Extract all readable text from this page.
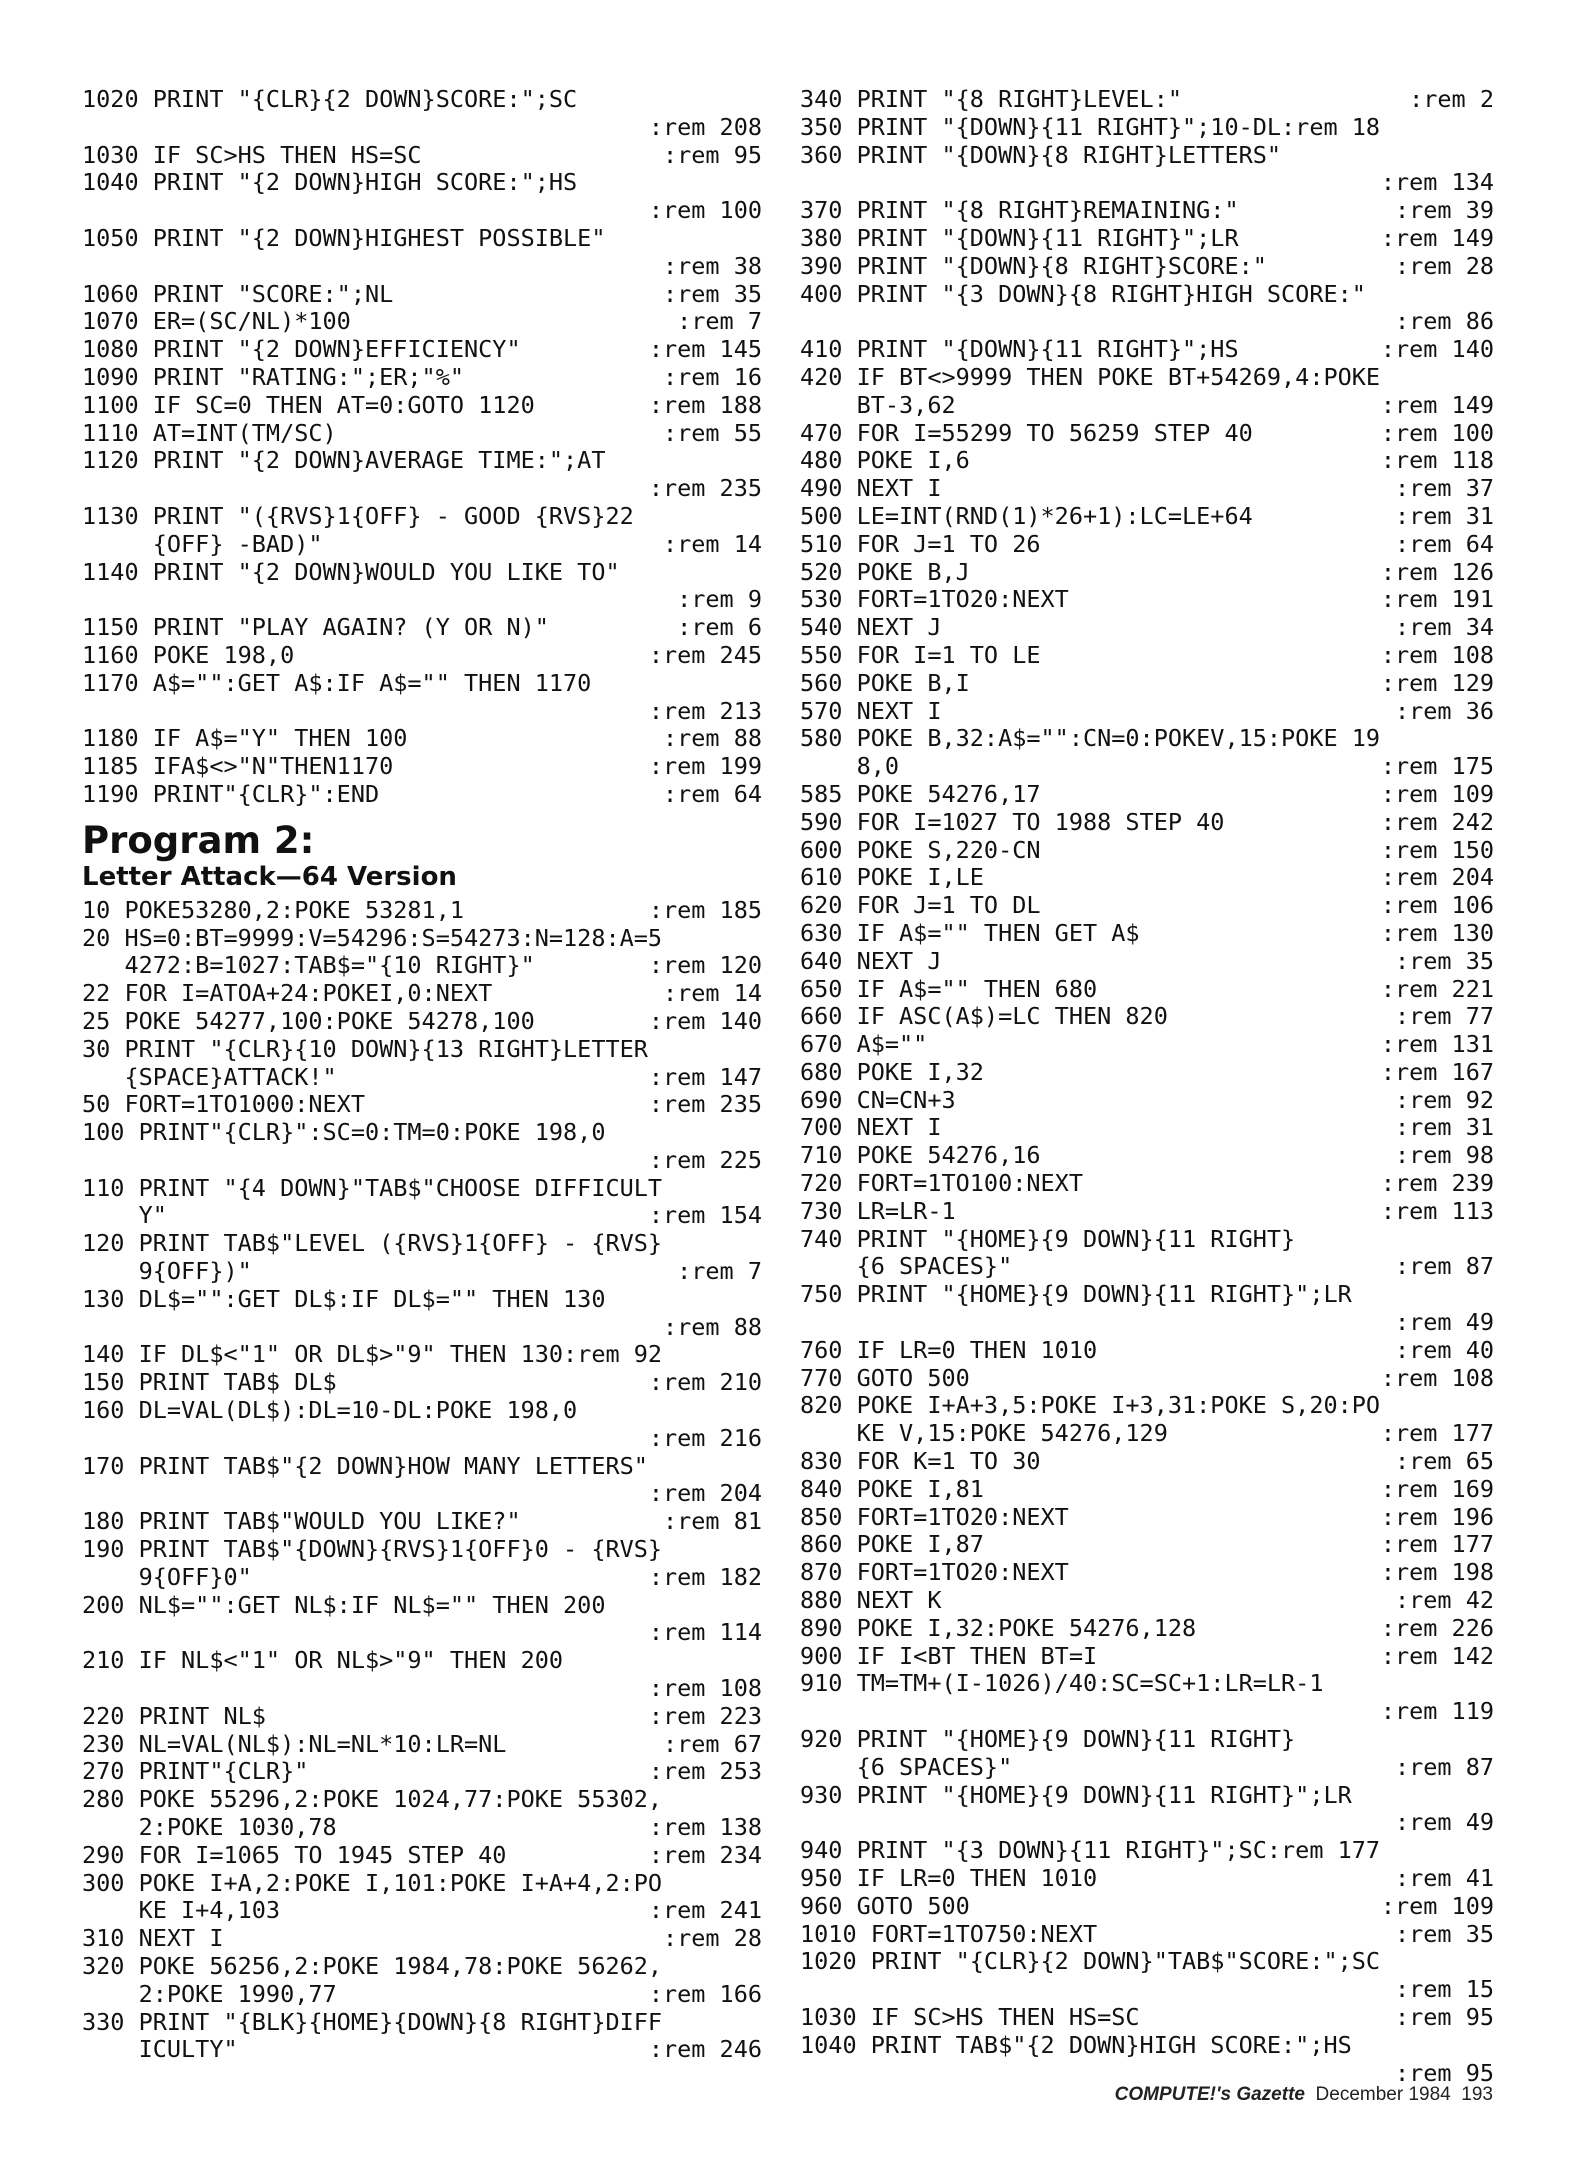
1020 PRINT "{CLR}{2 DOWN}SCORE:";SC
:rem 208
1030 IF SC>HS THEN HS=SC	:rem 95
1040 PRINT "{2 DOWN}HIGH SCORE:";HS
:rem 100
1050 PRINT "{2 DOWN}HIGHEST POSSIBLE"
:rem 38
1060 PRINT "SCORE:";NL	:rem 35
1070 ER=(SC/NL)*100	:rem 7
1080 PRINT "{2 DOWN}EFFICIENCY"	:rem 145
1090 PRINT "RATING:";ER;"%"	:rem 16
1100 IF SC=0 THEN AT=0:GOTO 1120	:rem 188
1110 AT=INT(TM/SC)	:rem 55
1120 PRINT "{2 DOWN}AVERAGE TIME:";AT
:rem 235
1130 PRINT "({RVS}1{OFF} - GOOD {RVS}22
{OFF} -BAD)"	:rem 14
1140 PRINT "{2 DOWN}WOULD YOU LIKE TO"
:rem 9
1150 PRINT "PLAY AGAIN? (Y OR N)"	:rem 6
1160 POKE 198,0	:rem 245
1170 A$="":GET A$:IF A$="" THEN 1170
:rem 213
1180 IF A$="Y" THEN 100	:rem 88
1185 IFA$<>"N"THEN1170	:rem 199
1190 PRINT"{CLR}":END	:rem 64
Program 2:
Letter Attack—64 Version
10 POKE53280,2:POKE 53281,1	:rem 185
20 HS=0:BT=9999:V=54296:S=54273:N=128:A=5
4272:B=1027:TAB$="{10 RIGHT}"	:rem 120
22 FOR I=ATOA+24:POKEI,0:NEXT	:rem 14
25 POKE 54277,100:POKE 54278,100	:rem 140
30 PRINT "{CLR}{10 DOWN}{13 RIGHT}LETTER
{SPACE}ATTACK!"	:rem 147
50 FORT=1TO1000:NEXT	:rem 235
100 PRINT"{CLR}":SC=0:TM=0:POKE 198,0
:rem 225
110 PRINT "{4 DOWN}"TAB$"CHOOSE DIFFICULT
Y"	:rem 154
120 PRINT TAB$"LEVEL ({RVS}1{OFF} - {RVS}
9{OFF})"	:rem 7
130 DL$="":GET DL$:IF DL$="" THEN 130
:rem 88
140 IF DL$<"1" OR DL$>"9" THEN 130:rem 92
150 PRINT TAB$ DL$	:rem 210
160 DL=VAL(DL$):DL=10-DL:POKE 198,0
:rem 216
170 PRINT TAB$"{2 DOWN}HOW MANY LETTERS"
:rem 204
180 PRINT TAB$"WOULD YOU LIKE?"	:rem 81
190 PRINT TAB$"{DOWN}{RVS}1{OFF}0 - {RVS}
9{OFF}0"	:rem 182
200 NL$="":GET NL$:IF NL$="" THEN 200
:rem 114
210 IF NL$<"1" OR NL$>"9" THEN 200
:rem 108
220 PRINT NL$	:rem 223
230 NL=VAL(NL$):NL=NL*10:LR=NL	:rem 67
270 PRINT"{CLR}"	:rem 253
280 POKE 55296,2:POKE 1024,77:POKE 55302,
2:POKE 1030,78	:rem 138
290 FOR I=1065 TO 1945 STEP 40	:rem 234
300 POKE I+A,2:POKE I,101:POKE I+A+4,2:PO
KE I+4,103	:rem 241
310 NEXT I	:rem 28
320 POKE 56256,2:POKE 1984,78:POKE 56262,
2:POKE 1990,77	:rem 166
330 PRINT "{BLK}{HOME}{DOWN}{8 RIGHT}DIFF
ICULTY"	:rem 246
340 PRINT "{8 RIGHT}LEVEL:"	:rem 2
350 PRINT "{DOWN}{11 RIGHT}";10-DL:rem 18
360 PRINT "{DOWN}{8 RIGHT}LETTERS"
:rem 134
370 PRINT "{8 RIGHT}REMAINING:"	:rem 39
380 PRINT "{DOWN}{11 RIGHT}";LR	:rem 149
390 PRINT "{DOWN}{8 RIGHT}SCORE:"	:rem 28
400 PRINT "{3 DOWN}{8 RIGHT}HIGH SCORE:"
:rem 86
410 PRINT "{DOWN}{11 RIGHT}";HS	:rem 140
420 IF BT<>9999 THEN POKE BT+54269,4:POKE
BT-3,62	:rem 149
470 FOR I=55299 TO 56259 STEP 40	:rem 100
480 POKE I,6	:rem 118
490 NEXT I	:rem 37
500 LE=INT(RND(1)*26+1):LC=LE+64	:rem 31
510 FOR J=1 TO 26	:rem 64
520 POKE B,J	:rem 126
530 FORT=1TO20:NEXT	:rem 191
540 NEXT J	:rem 34
550 FOR I=1 TO LE	:rem 108
560 POKE B,I	:rem 129
570 NEXT I	:rem 36
580 POKE B,32:A$="":CN=0:POKEV,15:POKE 19
8,0	:rem 175
585 POKE 54276,17	:rem 109
590 FOR I=1027 TO 1988 STEP 40	:rem 242
600 POKE S,220-CN	:rem 150
610 POKE I,LE	:rem 204
620 FOR J=1 TO DL	:rem 106
630 IF A$="" THEN GET A$	:rem 130
640 NEXT J	:rem 35
650 IF A$="" THEN 680	:rem 221
660 IF ASC(A$)=LC THEN 820	:rem 77
670 A$=""	:rem 131
680 POKE I,32	:rem 167
690 CN=CN+3	:rem 92
700 NEXT I	:rem 31
710 POKE 54276,16	:rem 98
720 FORT=1TO100:NEXT	:rem 239
730 LR=LR-1	:rem 113
740 PRINT "{HOME}{9 DOWN}{11 RIGHT}
{6 SPACES}"	:rem 87
750 PRINT "{HOME}{9 DOWN}{11 RIGHT}";LR
:rem 49
760 IF LR=0 THEN 1010	:rem 40
770 GOTO 500	:rem 108
820 POKE I+A+3,5:POKE I+3,31:POKE S,20:PO
KE V,15:POKE 54276,129	:rem 177
830 FOR K=1 TO 30	:rem 65
840 POKE I,81	:rem 169
850 FORT=1TO20:NEXT	:rem 196
860 POKE I,87	:rem 177
870 FORT=1TO20:NEXT	:rem 198
880 NEXT K	:rem 42
890 POKE I,32:POKE 54276,128	:rem 226
900 IF I<BT THEN BT=I	:rem 142
910 TM=TM+(I-1026)/40:SC=SC+1:LR=LR-1
:rem 119
920 PRINT "{HOME}{9 DOWN}{11 RIGHT}
{6 SPACES}"	:rem 87
930 PRINT "{HOME}{9 DOWN}{11 RIGHT}";LR
:rem 49
940 PRINT "{3 DOWN}{11 RIGHT}";SC:rem 177
950 IF LR=0 THEN 1010	:rem 41
960 GOTO 500	:rem 109
1010 FORT=1TO750:NEXT	:rem 35
1020 PRINT "{CLR}{2 DOWN}"TAB$"SCORE:";SC
:rem 15
1030 IF SC>HS THEN HS=SC	:rem 95
1040 PRINT TAB$"{2 DOWN}HIGH SCORE:";HS
:rem 95
COMPUTE!'s Gazette December 1984 193
